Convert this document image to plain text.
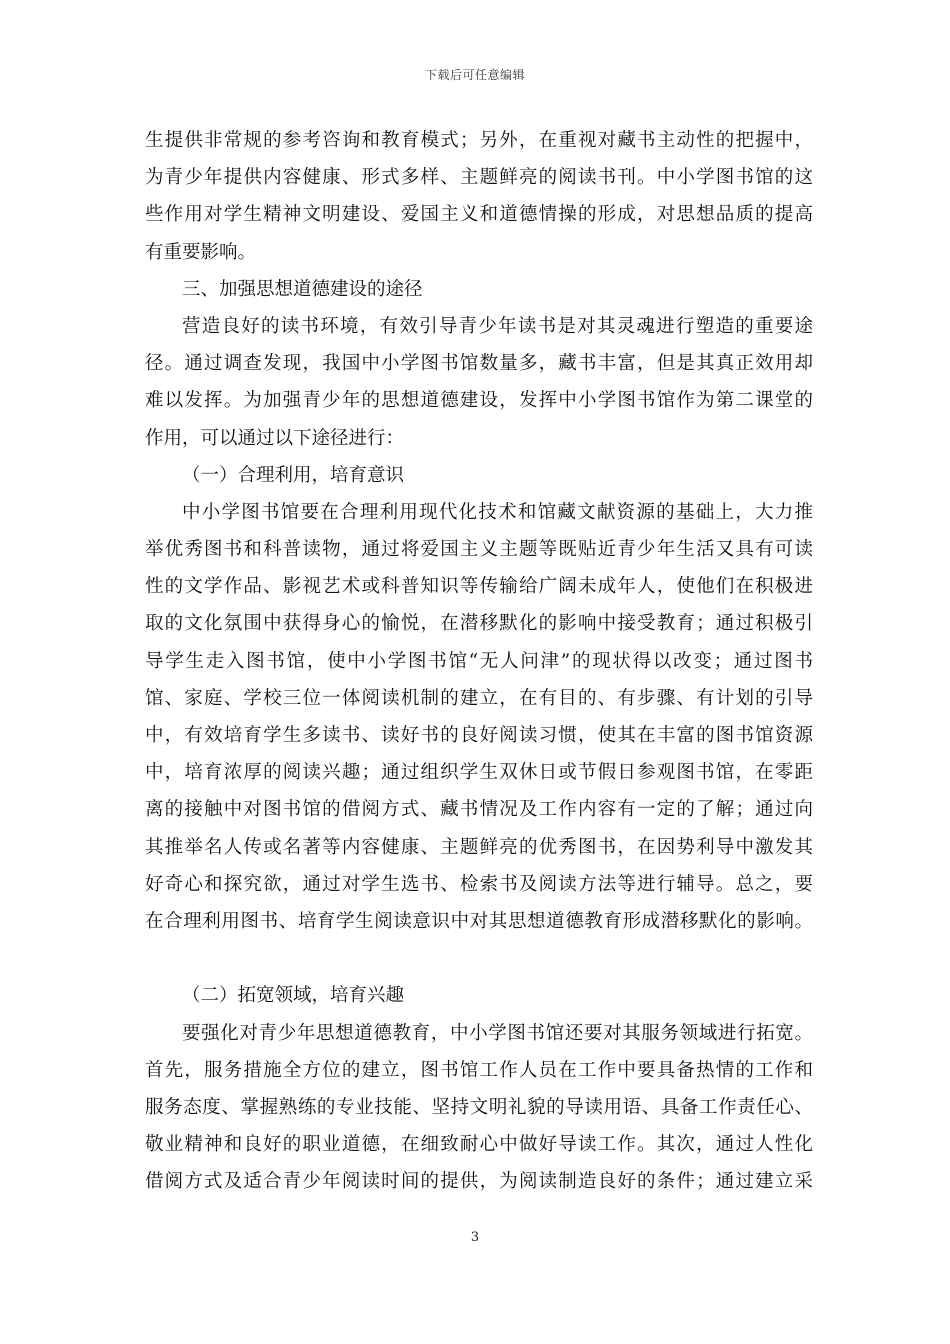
下载后可任意编辑
生提供非常规的参考咨询和教育模式；另外，在重视对藏书主动性的把握中，
为青少年提供内容健康、形式多样、主题鲜亮的阅读书刊。中小学图书馆的这
些作用对学生精神文明建设、爱国主义和道德情操的形成，对思想品质的提高
有重要影响。
三、加强思想道德建设的途径
营造良好的读书环境，有效引导青少年读书是对其灵魂进行塑造的重要途
径。通过调查发现，我国中小学图书馆数量多，藏书丰富，但是其真正效用却
难以发挥。为加强青少年的思想道德建设，发挥中小学图书馆作为第二课堂的
作用，可以通过以下途径进行：
（一）合理利用，培育意识
中小学图书馆要在合理利用现代化技术和馆藏文献资源的基础上，大力推
举优秀图书和科普读物，通过将爱国主义主题等既贴近青少年生活又具有可读
性的文学作品、影视艺术或科普知识等传输给广阔未成年人，使他们在积极进
取的文化氛围中获得身心的愉悦，在潜移默化的影响中接受教育；通过积极引
导学生走入图书馆，使中小学图书馆“无人问津”的现状得以改变；通过图书
馆、家庭、学校三位一体阅读机制的建立，在有目的、有步骤、有计划的引导
中，有效培育学生多读书、读好书的良好阅读习惯，使其在丰富的图书馆资源
中，培育浓厚的阅读兴趣；通过组织学生双休日或节假日参观图书馆，在零距
离的接触中对图书馆的借阅方式、藏书情况及工作内容有一定的了解；通过向
其推举名人传或名著等内容健康、主题鲜亮的优秀图书，在因势利导中激发其
好奇心和探究欲，通过对学生选书、检索书及阅读方法等进行辅导。总之，要
在合理利用图书、培育学生阅读意识中对其思想道德教育形成潜移默化的影响。
（二）拓宽领域，培育兴趣
要强化对青少年思想道德教育，中小学图书馆还要对其服务领域进行拓宽。
首先，服务措施全方位的建立，图书馆工作人员在工作中要具备热情的工作和
服务态度、掌握熟练的专业技能、坚持文明礼貌的导读用语、具备工作责任心、
敬业精神和良好的职业道德，在细致耐心中做好导读工作。其次，通过人性化
借阅方式及适合青少年阅读时间的提供，为阅读制造良好的条件；通过建立采
3
